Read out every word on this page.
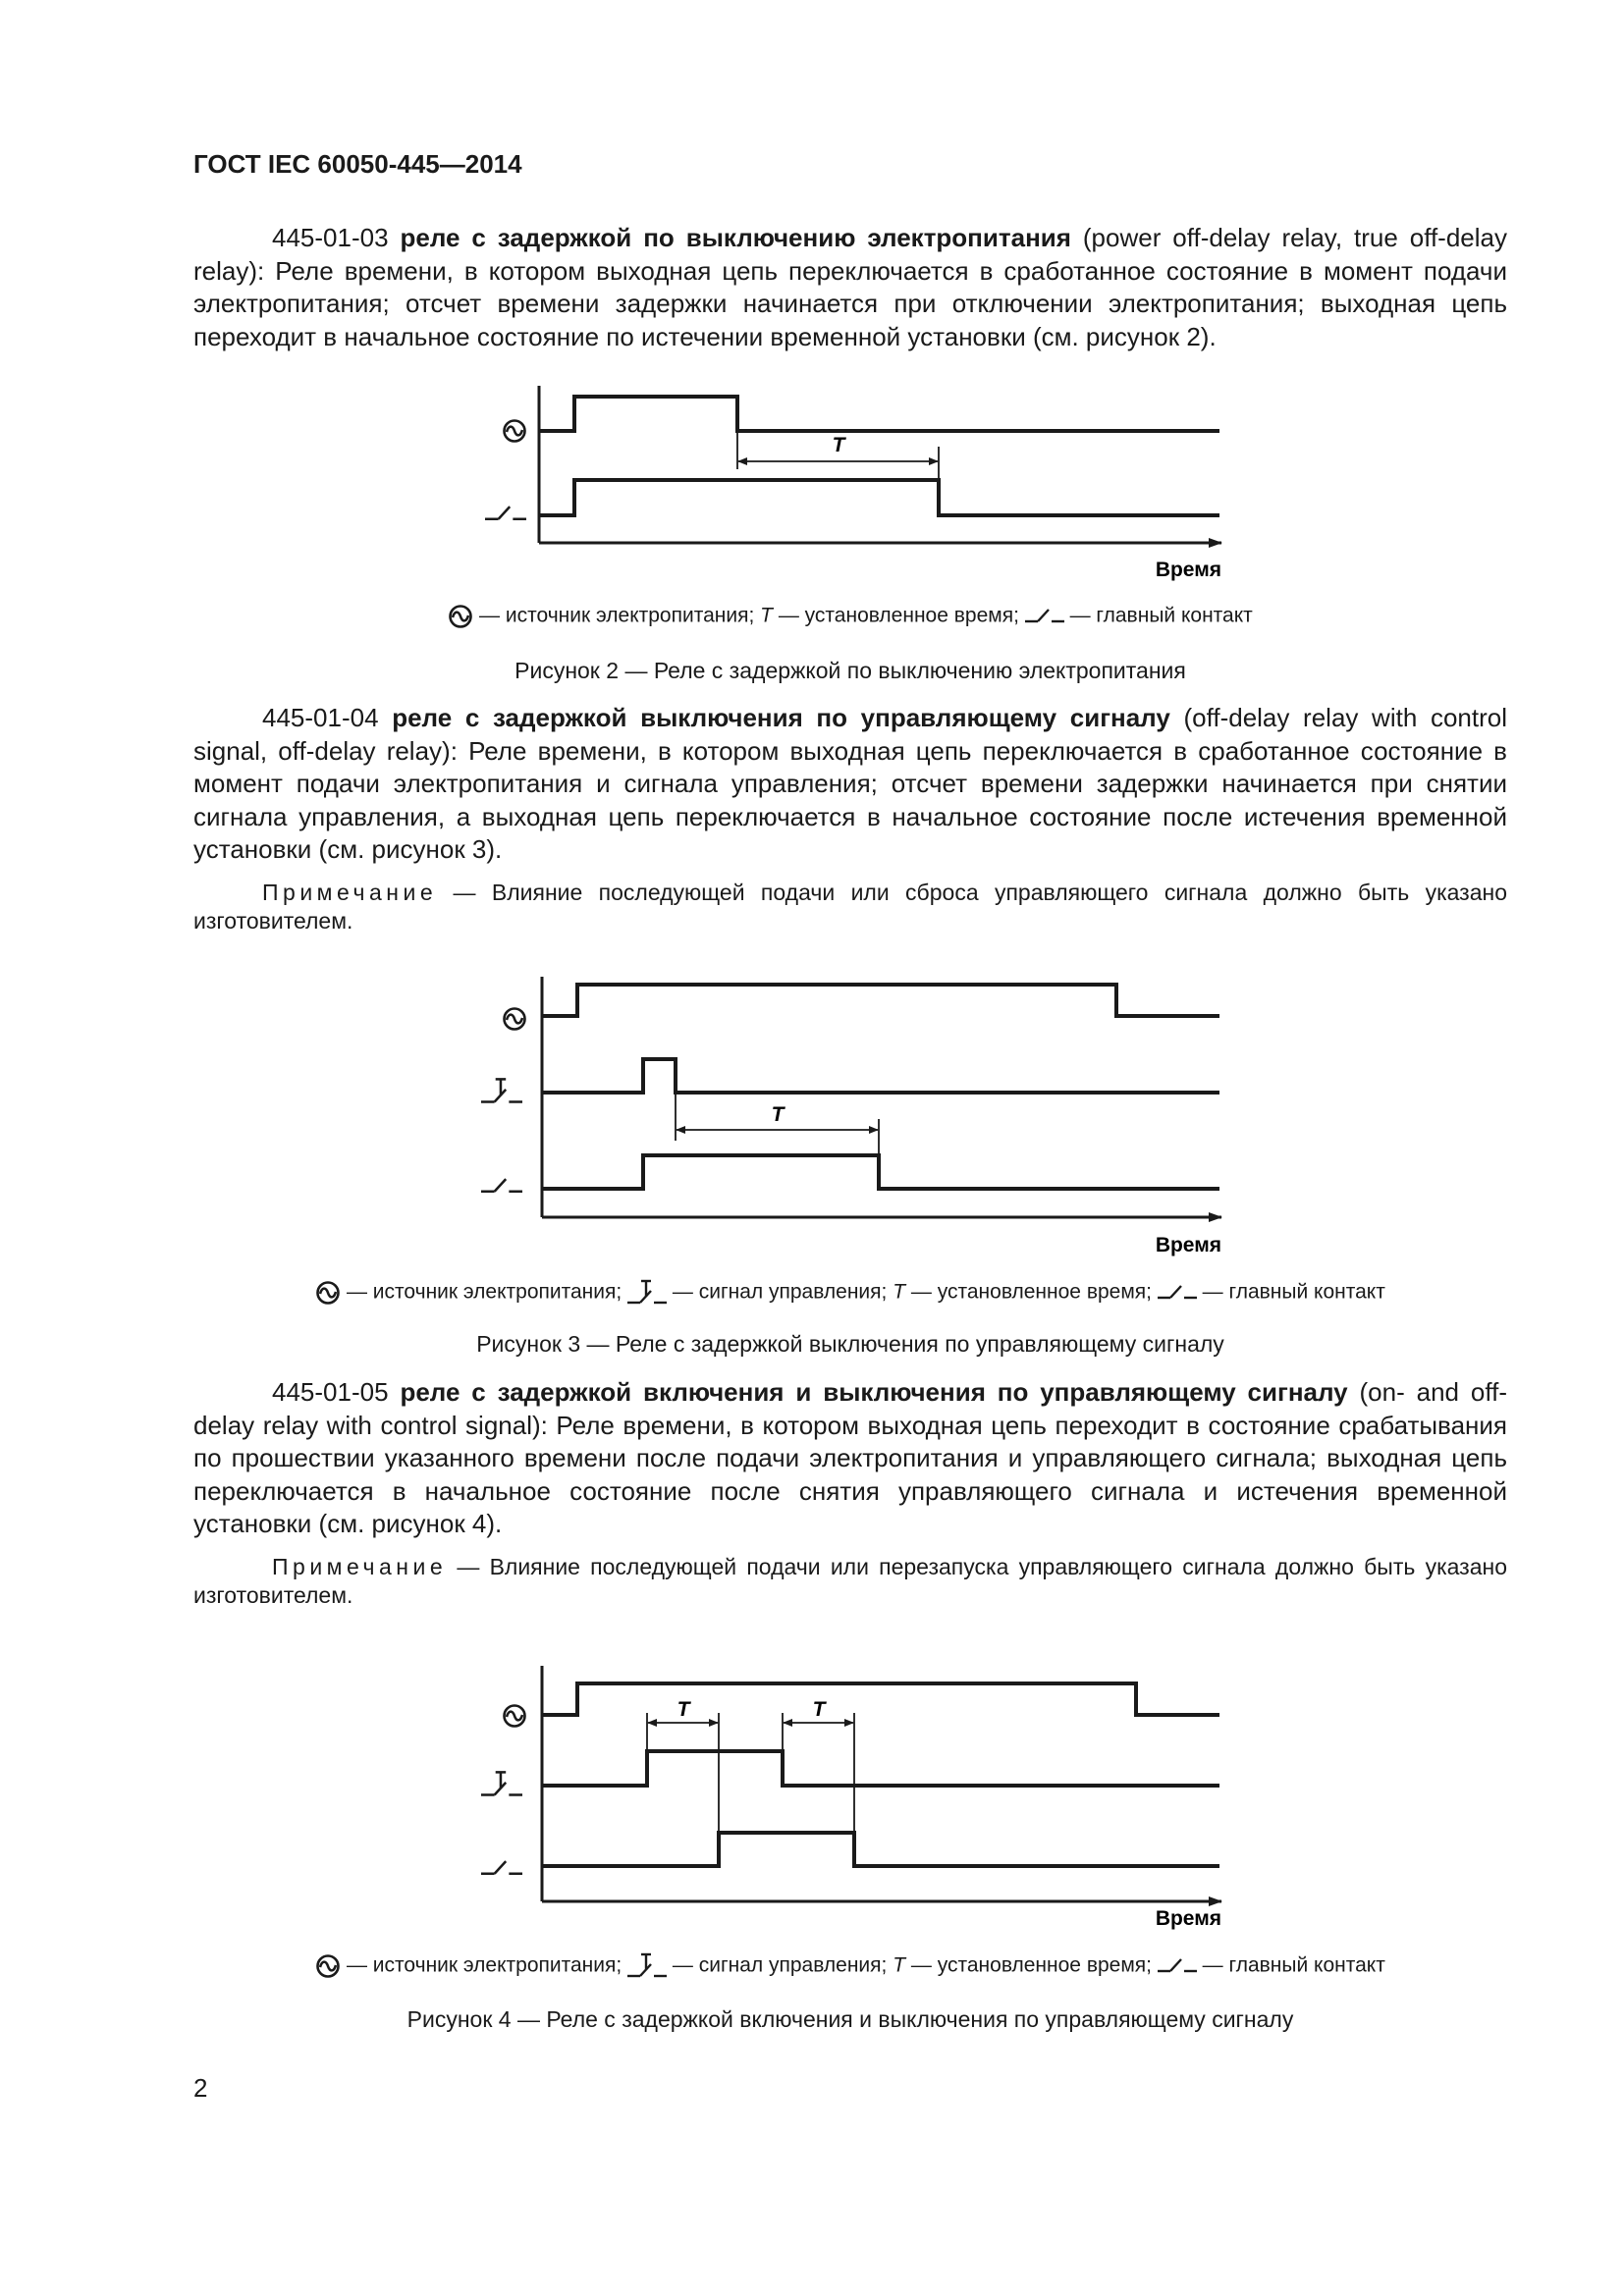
ГОСТ IEC 60050-445—2014

445-01-03 реле с задержкой по выключению электропитания (power off-delay relay, true off-delay relay): Реле времени, в котором выходная цепь переключается в сработанное состояние в момент подачи электропитания; отсчет времени задержки начинается при отключении электропитания; выходная цепь переходит в начальное состояние по истечении временной установки (см. рисунок 2).

T
Время
T
Время
T	T
Время
— источник электропитания; T — установленное время; — главный контакт
Рисунок 2 — Реле с задержкой по выключению электропитания

445-01-04 реле с задержкой выключения по управляющему сигналу (off-delay relay with control signal, off-delay relay): Реле времени, в котором выходная цепь переключается в сработанное состояние в момент подачи электропитания и сигнала управления; отсчет времени задержки начинается при снятии сигнала управления, а выходная цепь переключается в начальное состояние после истечения временной установки (см. рисунок 3).

Примечание — Влияние последующей подачи или сброса управляющего сигнала должно быть указано изготовителем.

— источник электропитания; — сигнал управления; T — установленное время; — главный контакт
Рисунок 3 — Реле с задержкой выключения по управляющему сигналу

445-01-05 реле с задержкой включения и выключения по управляющему сигналу (on- and off-delay relay with control signal): Реле времени, в котором выходная цепь переходит в состояние срабатывания по прошествии указанного времени после подачи электропитания и управляющего сигнала; выходная цепь переключается в начальное состояние после снятия управляющего сигнала и истечения временной установки (см. рисунок 4).

Примечание — Влияние последующей подачи или перезапуска управляющего сигнала должно быть указано изготовителем.

— источник электропитания; — сигнал управления; T — установленное время; — главный контакт
Рисунок 4 — Реле с задержкой включения и выключения по управляющему сигналу
2
